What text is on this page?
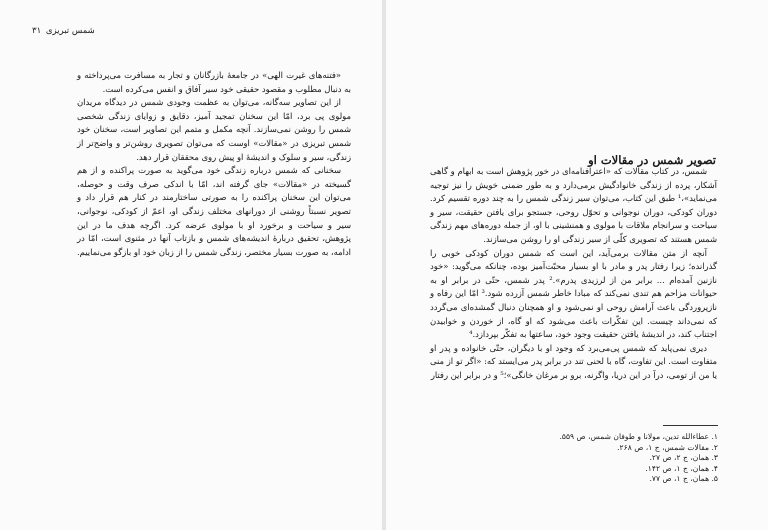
شمس تبریزی ۳۱

«فتنه‌های غیرت الهی» در جامعهٔ بازرگانان و تجار به مسافرت می‌پرداخته و به دنبال مطلوب و مقصود حقیقی خود سیر آفاق و انفس می‌کرده است.

از این تصاویر سه‌گانه، می‌توان به عظمت وجودی شمس در دیدگاه مریدان مولوی پی برد، امّا این سخنان تمجید آمیز، دقایق و زوایای زندگی شخصی شمس را روشن نمی‌سازند. آنچه مکمل و متمم این تصاویر است، سخنان خود شمس تبریزی در «مقالات» اوست که می‌توان تصویری روشن‌تر و واضح‌تر از زندگی، سیر و سلوک و اندیشهٔ او پیش روی محققان قرار دهد.

سخنانی که شمس درباره زندگی خود می‌گوید به صورت پراکنده و از هم گسیخته در «مقالات» جای گرفته اند، امّا با اندکی صرف وقت و حوصله، می‌توان این سخنان پراکنده را به صورتی ساختارمند در کنار هم قرار داد و تصویر نسبتاً روشنی از دورانهای مختلف زندگی او، اعمّ از کودکی، نوجوانی، سیر و سیاحت و برخورد او با مولوی عرضه کرد. اگرچه هدف ما در این پژوهش، تحقیق دربارهٔ اندیشه‌های شمس و بازتاب آنها در مثنوی است، امّا در ادامه، به صورت بسیار مختصر، زندگی شمس را از زبان خود او بازگو می‌نماییم.

تصویر شمس در مقالات او

شمس، در کتاب مقالات که «اعترافنامه‌ای در خور پژوهش است به ابهام و گاهی آشکار، پرده از زندگی خانوادگیش برمی‌دارد و به طور ضمنی خویش را نیز توجیه می‌نماید»،¹ طبق این کتاب، می‌توان سیر زندگی شمس را به چند دوره تقسیم کرد. دوران کودکی، دوران نوجوانی و تحوّل روحی، جستجو برای یافتن حقیقت، سیر و سیاحت و سرانجام ملاقات با مولوی و همنشینی با او، از جمله دوره‌های مهم زندگی شمس هستند که تصویری کلّی از سیر زندگی او را روشن می‌سازند.

آنچه از متن مقالات برمی‌آید، این است که شمس دوران کودکی خوبی را گذرانده؛ زیرا رفتار پدر و مادر با او بسیار محبّت‌آمیز بوده، چنانکه می‌گوید: «خود نازنین آمده‌ام ... برابر من از لرزیدی پدرم».² پدر شمس، حتّی در برابر او به حیوانات مزاحم هم تندی نمی‌کند که مبادا خاطر شمس آزرده شود.³ امّا این رفاه و نازپروردگی باعث آرامش روحی او نمی‌شود و او همچنان دنبال گمشده‌ای می‌گردد که نمی‌داند چیست. این تفکّرات باعث می‌شود که او گاه، از خوردن و خوابیدن اجتناب کند، در اندیشهٔ یافتن حقیقت وجود خود، ساعتها به تفکّر بپردازد.⁴

دیری نمی‌پاید که شمس پی‌می‌برد که وجود او با دیگران، حتّی خانواده و پدر او متفاوت است. این تفاوت، گاه با لحنی تند در برابر پدر می‌ایستد که: «اگر تو از منی یا من از تومی، درآ در این دریا، واگرنه، برو بر مرغان خانگی»؛⁵ و در برابر این رفتار

۱. عطاءالله تدین، مولانا و طوفان شمس، ص ۵۵۹.
۲. مقالات شمس، ج ۱، ص ۲۶۸.
۳. همان، ج ۲، ص ۲۷.
۴. همان، ج ۱، ص ۱۴۲.
۵. همان، ج ۱، ص ۷۷.
